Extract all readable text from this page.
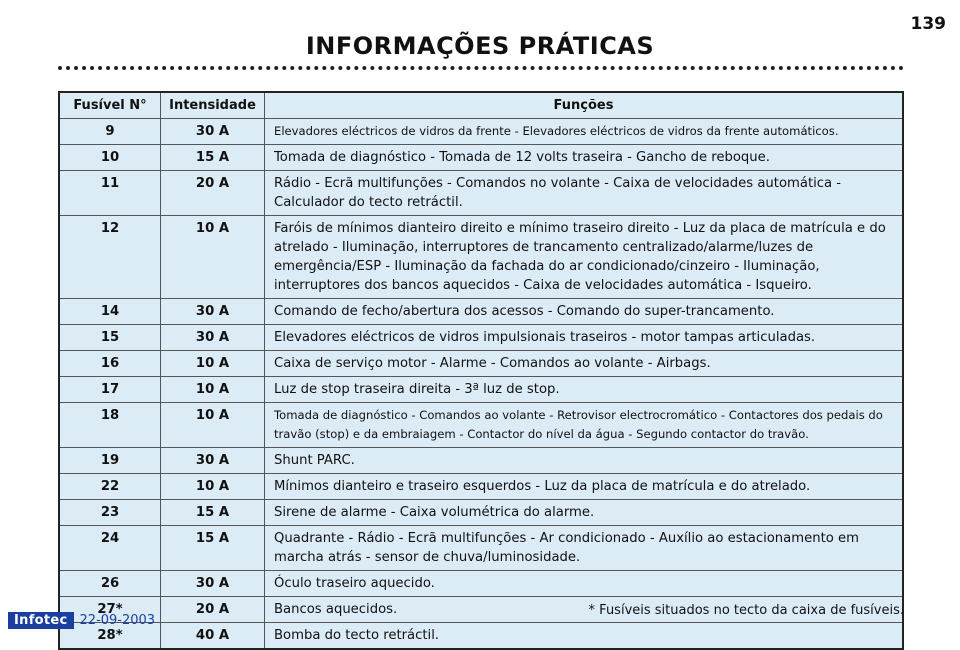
139
INFORMAÇÕES PRÁTICAS
Fusível N°	Intensidade	Funções
9	30 A	Elevadores eléctricos de vidros da frente - Elevadores eléctricos de vidros da frente automáticos.
10	15 A	Tomada de diagnóstico - Tomada de 12 volts traseira - Gancho de reboque.
11	20 A	Rádio - Ecrã multifunções - Comandos no volante - Caixa de velocidades automática - Calculador do tecto retráctil.
12	10 A	Faróis de mínimos dianteiro direito e mínimo traseiro direito - Luz da placa de matrícula e do atrelado - Iluminação, interruptores de trancamento centralizado/alarme/luzes de emergência/ESP - Iluminação da fachada do ar condicionado/cinzeiro - Iluminação, interruptores dos bancos aquecidos - Caixa de velocidades automática - Isqueiro.
14	30 A	Comando de fecho/abertura dos acessos - Comando do super-trancamento.
15	30 A	Elevadores eléctricos de vidros impulsionais traseiros - motor tampas articuladas.
16	10 A	Caixa de serviço motor - Alarme - Comandos ao volante - Airbags.
17	10 A	Luz de stop traseira direita - 3ª luz de stop.
18	10 A	Tomada de diagnóstico - Comandos ao volante - Retrovisor electrocromático - Contactores dos pedais do travão (stop) e da embraiagem - Contactor do nível da água - Segundo contactor do travão.
19	30 A	Shunt PARC.
22	10 A	Mínimos dianteiro e traseiro esquerdos - Luz da placa de matrícula e do atrelado.
23	15 A	Sirene de alarme - Caixa volumétrica do alarme.
24	15 A	Quadrante - Rádio - Ecrã multifunções - Ar condicionado - Auxílio ao estacionamento em marcha atrás - sensor de chuva/luminosidade.
26	30 A	Óculo traseiro aquecido.
27*	20 A	Bancos aquecidos.
28*	40 A	Bomba do tecto retráctil.
* Fusíveis situados no tecto da caixa de fusíveis.
Infotec 22-09-2003
